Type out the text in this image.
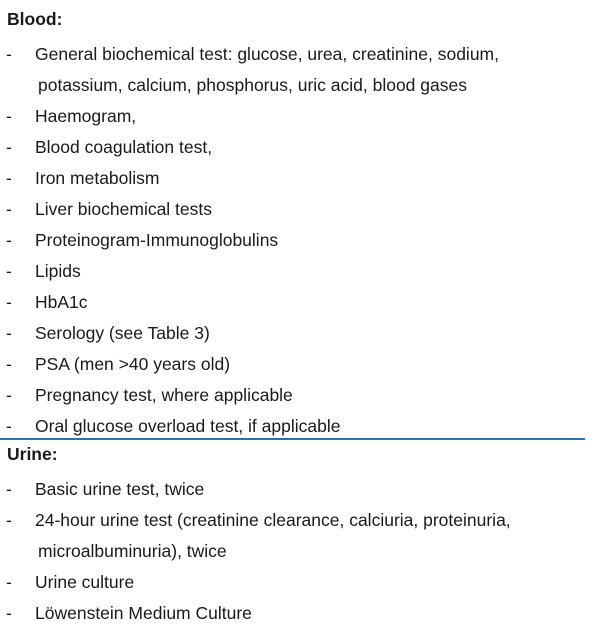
Blood:
- General biochemical test: glucose, urea, creatinine, sodium,
potassium, calcium, phosphorus, uric acid, blood gases
- Haemogram,
- Blood coagulation test,
- Iron metabolism
- Liver biochemical tests
- Proteinogram-Immunoglobulins
- Lipids
- HbA1c
- Serology (see Table 3)
- PSA (men >40 years old)
- Pregnancy test, where applicable
- Oral glucose overload test, if applicable
Urine:
- Basic urine test, twice
- 24-hour urine test (creatinine clearance, calciuria, proteinuria,
microalbuminuria), twice
- Urine culture
- Löwenstein Medium Culture
